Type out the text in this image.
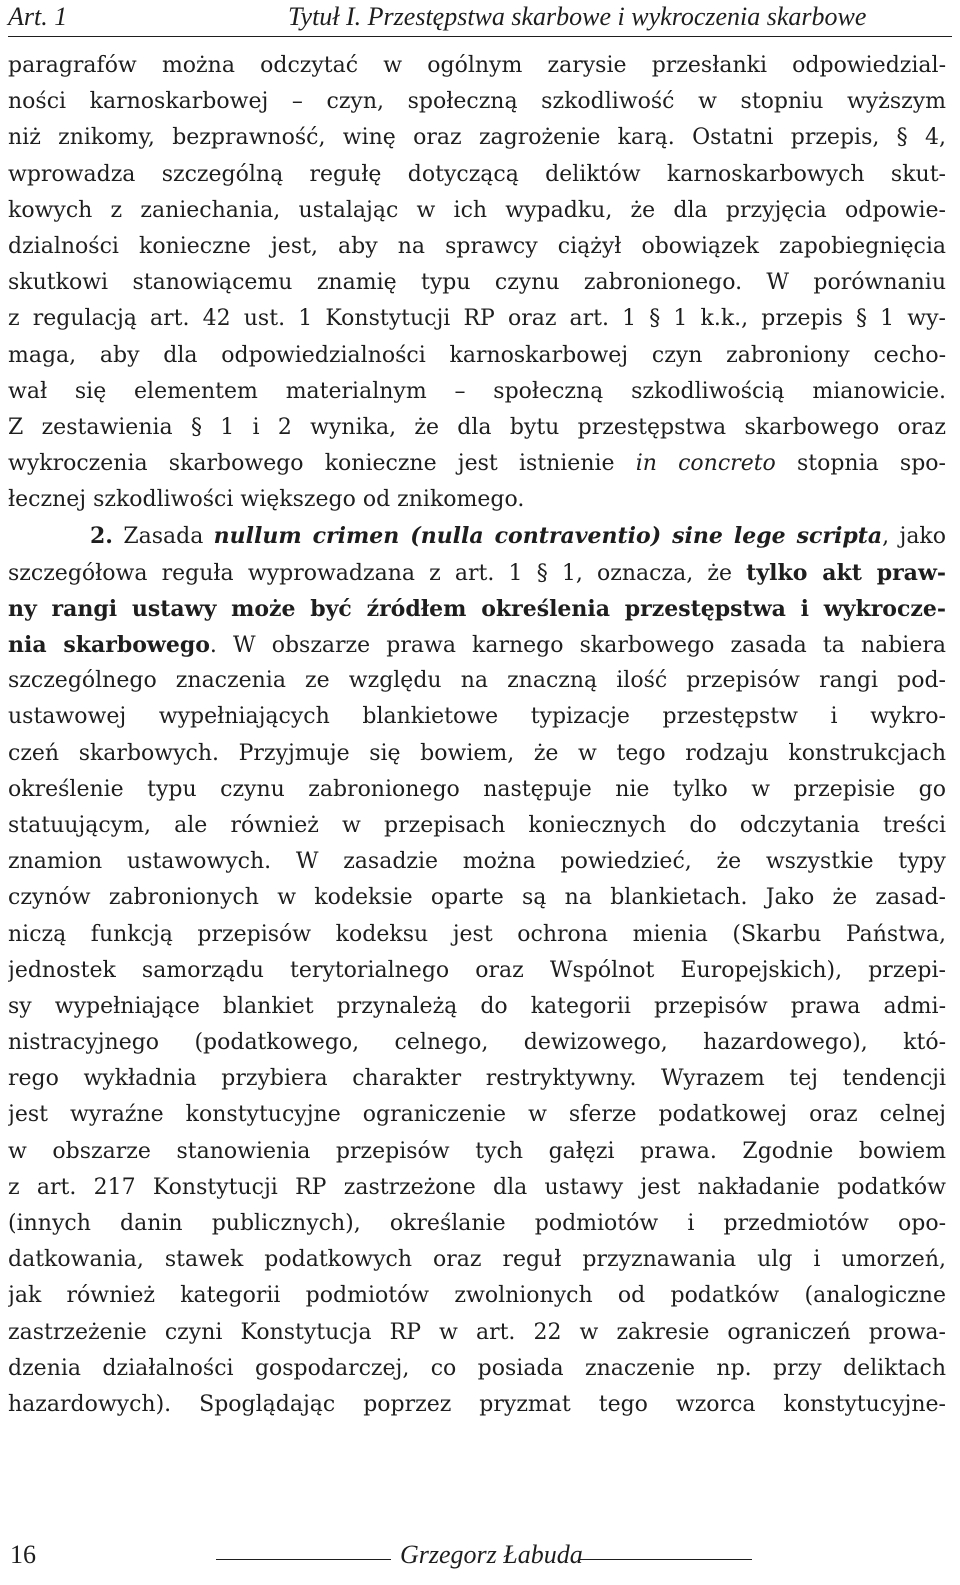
Art. 1	Tytuł I. Przestępstwa skarbowe i wykroczenia skarbowe
paragrafów można odczytać w ogólnym zarysie przesłanki odpowiedzial-
ności karnoskarbowej – czyn, społeczną szkodliwość w stopniu wyższym
niż znikomy, bezprawność, winę oraz zagrożenie karą. Ostatni przepis, § 4,
wprowadza szczególną regułę dotyczącą deliktów karnoskarbowych skut-
kowych z zaniechania, ustalając w ich wypadku, że dla przyjęcia odpowie-
dzialności konieczne jest, aby na sprawcy ciążył obowiązek zapobiegnięcia
skutkowi stanowiącemu znamię typu czynu zabronionego. W porównaniu
z regulacją art. 42 ust. 1 Konstytucji RP oraz art. 1 § 1 k.k., przepis § 1 wy-
maga, aby dla odpowiedzialności karnoskarbowej czyn zabroniony cecho-
wał się elementem materialnym – społeczną szkodliwością mianowicie.
Z zestawienia § 1 i 2 wynika, że dla bytu przestępstwa skarbowego oraz
wykroczenia skarbowego konieczne jest istnienie in concreto stopnia spo-
łecznej szkodliwości większego od znikomego.
2. Zasada nullum crimen (nulla contraventio) sine lege scripta, jako
szczegółowa reguła wyprowadzana z art. 1 § 1, oznacza, że tylko akt praw-
ny rangi ustawy może być źródłem określenia przestępstwa i wykrocze-
nia skarbowego. W obszarze prawa karnego skarbowego zasada ta nabiera
szczególnego znaczenia ze względu na znaczną ilość przepisów rangi pod-
ustawowej wypełniających blankietowe typizacje przestępstw i wykro-
czeń skarbowych. Przyjmuje się bowiem, że w tego rodzaju konstrukcjach
określenie typu czynu zabronionego następuje nie tylko w przepisie go
statuującym, ale również w przepisach koniecznych do odczytania treści
znamion ustawowych. W zasadzie można powiedzieć, że wszystkie typy
czynów zabronionych w kodeksie oparte są na blankietach. Jako że zasad-
niczą funkcją przepisów kodeksu jest ochrona mienia (Skarbu Państwa,
jednostek samorządu terytorialnego oraz Wspólnot Europejskich), przepi-
sy wypełniające blankiet przynależą do kategorii przepisów prawa admi-
nistracyjnego (podatkowego, celnego, dewizowego, hazardowego), któ-
rego wykładnia przybiera charakter restryktywny. Wyrazem tej tendencji
jest wyraźne konstytucyjne ograniczenie w sferze podatkowej oraz celnej
w obszarze stanowienia przepisów tych gałęzi prawa. Zgodnie bowiem
z art. 217 Konstytucji RP zastrzeżone dla ustawy jest nakładanie podatków
(innych danin publicznych), określanie podmiotów i przedmiotów opo-
datkowania, stawek podatkowych oraz reguł przyznawania ulg i umorzeń,
jak również kategorii podmiotów zwolnionych od podatków (analogiczne
zastrzeżenie czyni Konstytucja RP w art. 22 w zakresie ograniczeń prowa-
dzenia działalności gospodarczej, co posiada znaczenie np. przy deliktach
hazardowych). Spoglądając poprzez pryzmat tego wzorca konstytucyjne-
16	Grzegorz Łabuda
